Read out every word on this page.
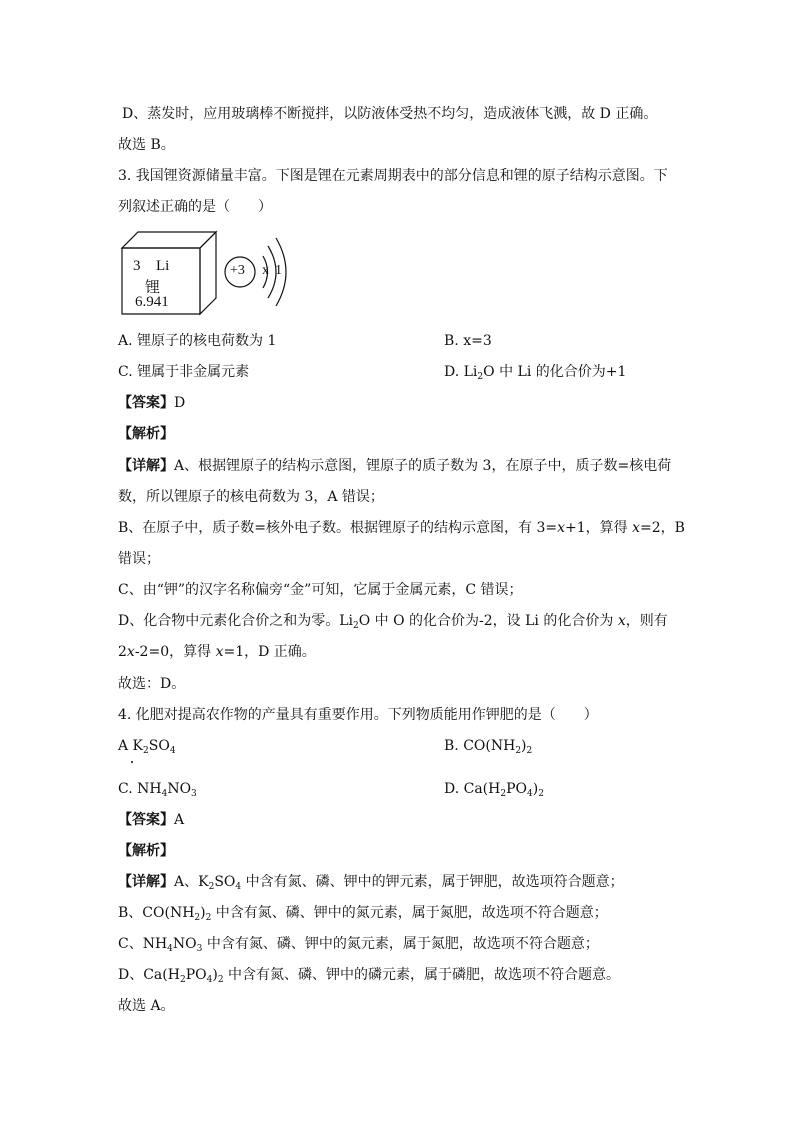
D、蒸发时，应用玻璃棒不断搅拌，以防液体受热不均匀，造成液体飞溅，故 D 正确。
故选 B。
3. 我国锂资源储量丰富。下图是锂在元素周期表中的部分信息和锂的原子结构示意图。下
列叙述正确的是（　　）
3 Li
锂
6.941
+3 x 1
A. 锂原子的核电荷数为 1	B. x=3
C. 锂属于非金属元素	D. $Li_2O$ 中 Li 的化合价为+1
【答案】D
【解析】
【详解】A、根据锂原子的结构示意图，锂原子的质子数为 3，在原子中，质子数=核电荷
数，所以锂原子的核电荷数为 3，A 错误；
B、在原子中，质子数=核外电子数。根据锂原子的结构示意图，有 3=x+1，算得 x=2，B
错误；
C、由“钾”的汉字名称偏旁“金”可知，它属于金属元素，C 错误；
D、化合物中元素化合价之和为零。$Li_2O$ 中 O 的化合价为-2，设 Li 的化合价为 x，则有
2x-2=0，算得 x=1，D 正确。
故选：D。
4. 化肥对提高农作物的产量具有重要作用。下列物质能用作钾肥的是（　　）
A $K_2SO_4$	B. $CO(NH_2)_2$
C. $NH_4NO_3$	D. $Ca(H_2PO_4)_2$
【答案】A
【解析】
【详解】A、$K_2SO_4$ 中含有氮、磷、钾中的钾元素，属于钾肥，故选项符合题意；
B、$CO(NH_2)_2$ 中含有氮、磷、钾中的氮元素，属于氮肥，故选项不符合题意；
C、$NH_4NO_3$ 中含有氮、磷、钾中的氮元素，属于氮肥，故选项不符合题意；
D、$Ca(H_2PO_4)_2$ 中含有氮、磷、钾中的磷元素，属于磷肥，故选项不符合题意。
故选 A。
